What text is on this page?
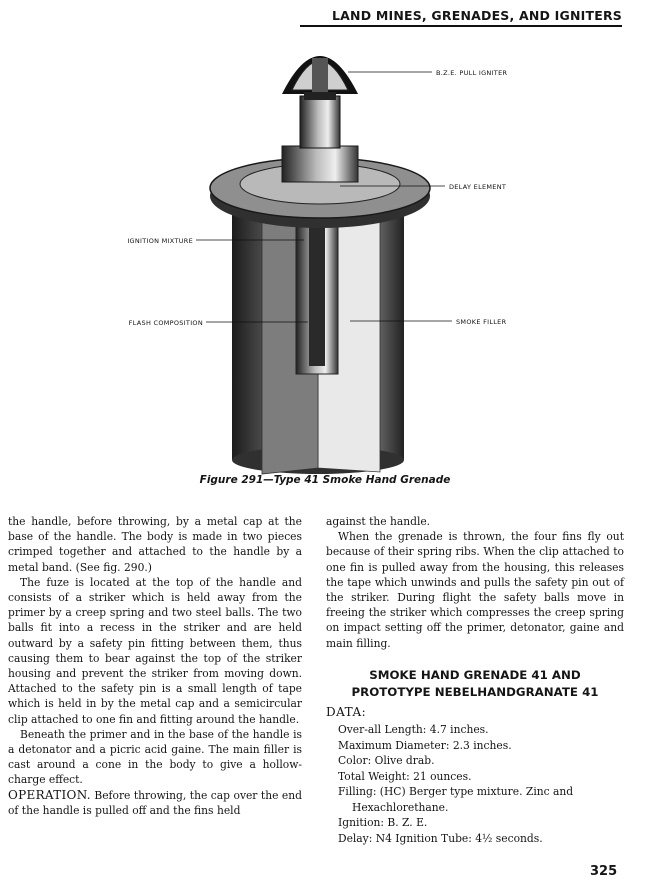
LAND MINES, GRENADES, AND IGNITERS
B.Z.E. PULL IGNITER
DELAY ELEMENT
IGNITION MIXTURE
FLASH COMPOSITION	SMOKE FILLER
Figure 291—Type 41 Smoke Hand Grenade

the handle, before throwing, by a metal cap at the base of the handle. The body is made in two pieces crimped together and attached to the handle by a metal band. (See fig. 290.)

The fuze is located at the top of the handle and consists of a striker which is held away from the primer by a creep spring and two steel balls. The two balls fit into a recess in the striker and are held outward by a safety pin fitting between them, thus causing them to bear against the top of the striker housing and prevent the striker from moving down. Attached to the safety pin is a small length of tape which is held in by the metal cap and a semicircular clip attached to one fin and fitting around the handle.

Beneath the primer and in the base of the handle is a detonator and a picric acid gaine. The main filler is cast around a cone in the body to give a hollow-charge effect.

OPERATION. Before throwing, the cap over the end of the handle is pulled off and the fins held

against the handle.

When the grenade is thrown, the four fins fly out because of their spring ribs. When the clip attached to one fin is pulled away from the housing, this releases the tape which unwinds and pulls the safety pin out of the striker. During flight the safety balls move in freeing the striker which compresses the creep spring on impact setting off the primer, detonator, gaine and main filling.

SMOKE HAND GRENADE 41 AND
PROTOTYPE NEBELHANDGRANATE 41
DATA:
Over-all Length: 4.7 inches.
Maximum Diameter: 2.3 inches.
Color: Olive drab.
Total Weight: 21 ounces.
Filling: (HC) Berger type mixture. Zinc and
Hexachlorethane.
Ignition: B. Z. E.
Delay: N4 Ignition Tube: 4½ seconds.
325
